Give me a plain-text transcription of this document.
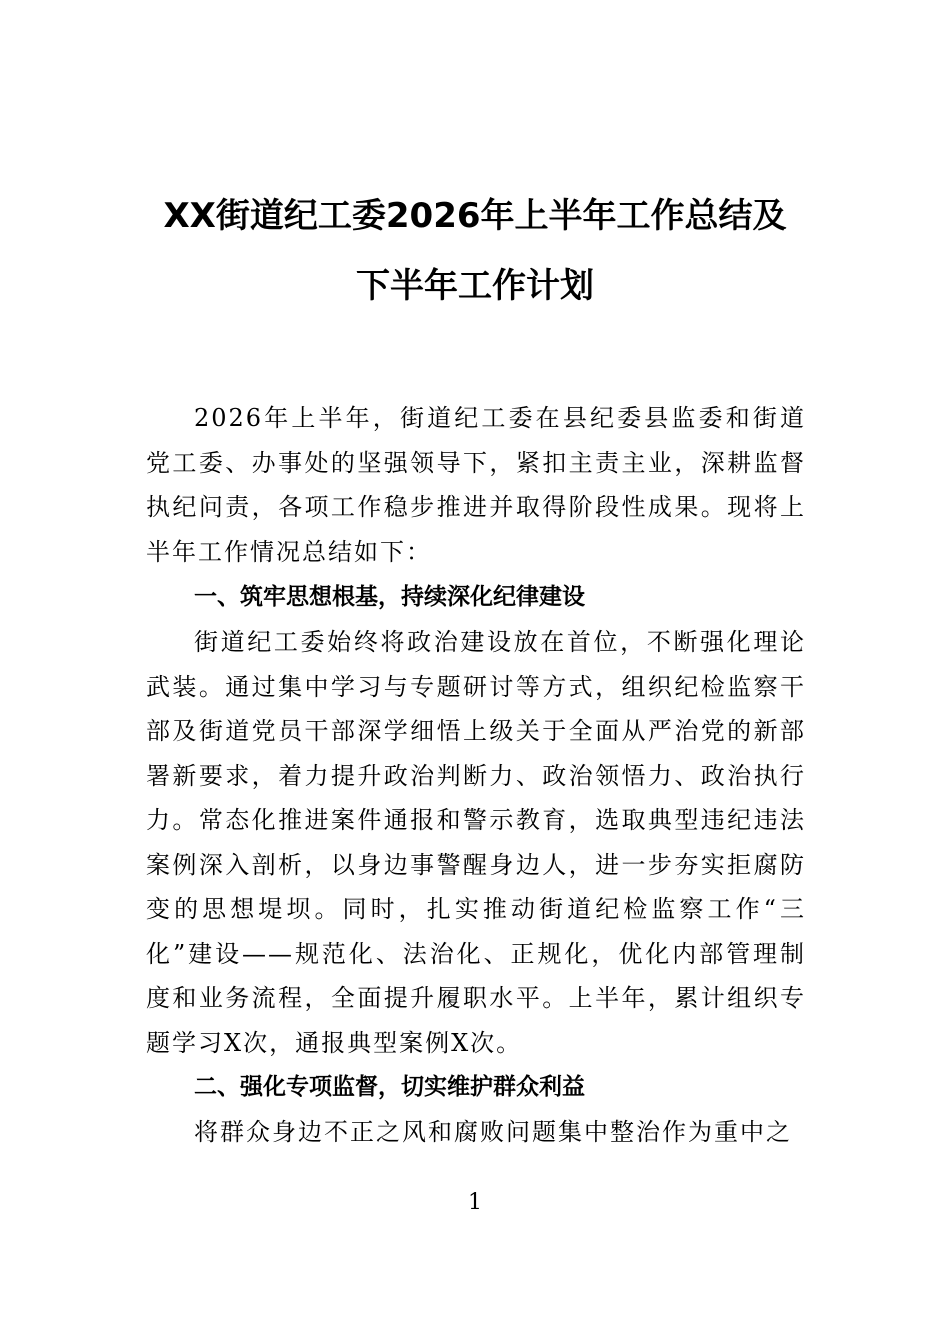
XX街道纪工委2026年上半年工作总结及
下半年工作计划

2026年上半年，街道纪工委在县纪委县监委和街道党工委、办事处的坚强领导下，紧扣主责主业，深耕监督执纪问责，各项工作稳步推进并取得阶段性成果。现将上半年工作情况总结如下：

一、筑牢思想根基，持续深化纪律建设

街道纪工委始终将政治建设放在首位，不断强化理论武装。通过集中学习与专题研讨等方式，组织纪检监察干部及街道党员干部深学细悟上级关于全面从严治党的新部署新要求，着力提升政治判断力、政治领悟力、政治执行力。常态化推进案件通报和警示教育，选取典型违纪违法案例深入剖析，以身边事警醒身边人，进一步夯实拒腐防变的思想堤坝。同时，扎实推动街道纪检监察工作“三化”建设——规范化、法治化、正规化，优化内部管理制度和业务流程，全面提升履职水平。上半年，累计组织专题学习X次，通报典型案例X次。

二、强化专项监督，切实维护群众利益

将群众身边不正之风和腐败问题集中整治作为重中之

1
